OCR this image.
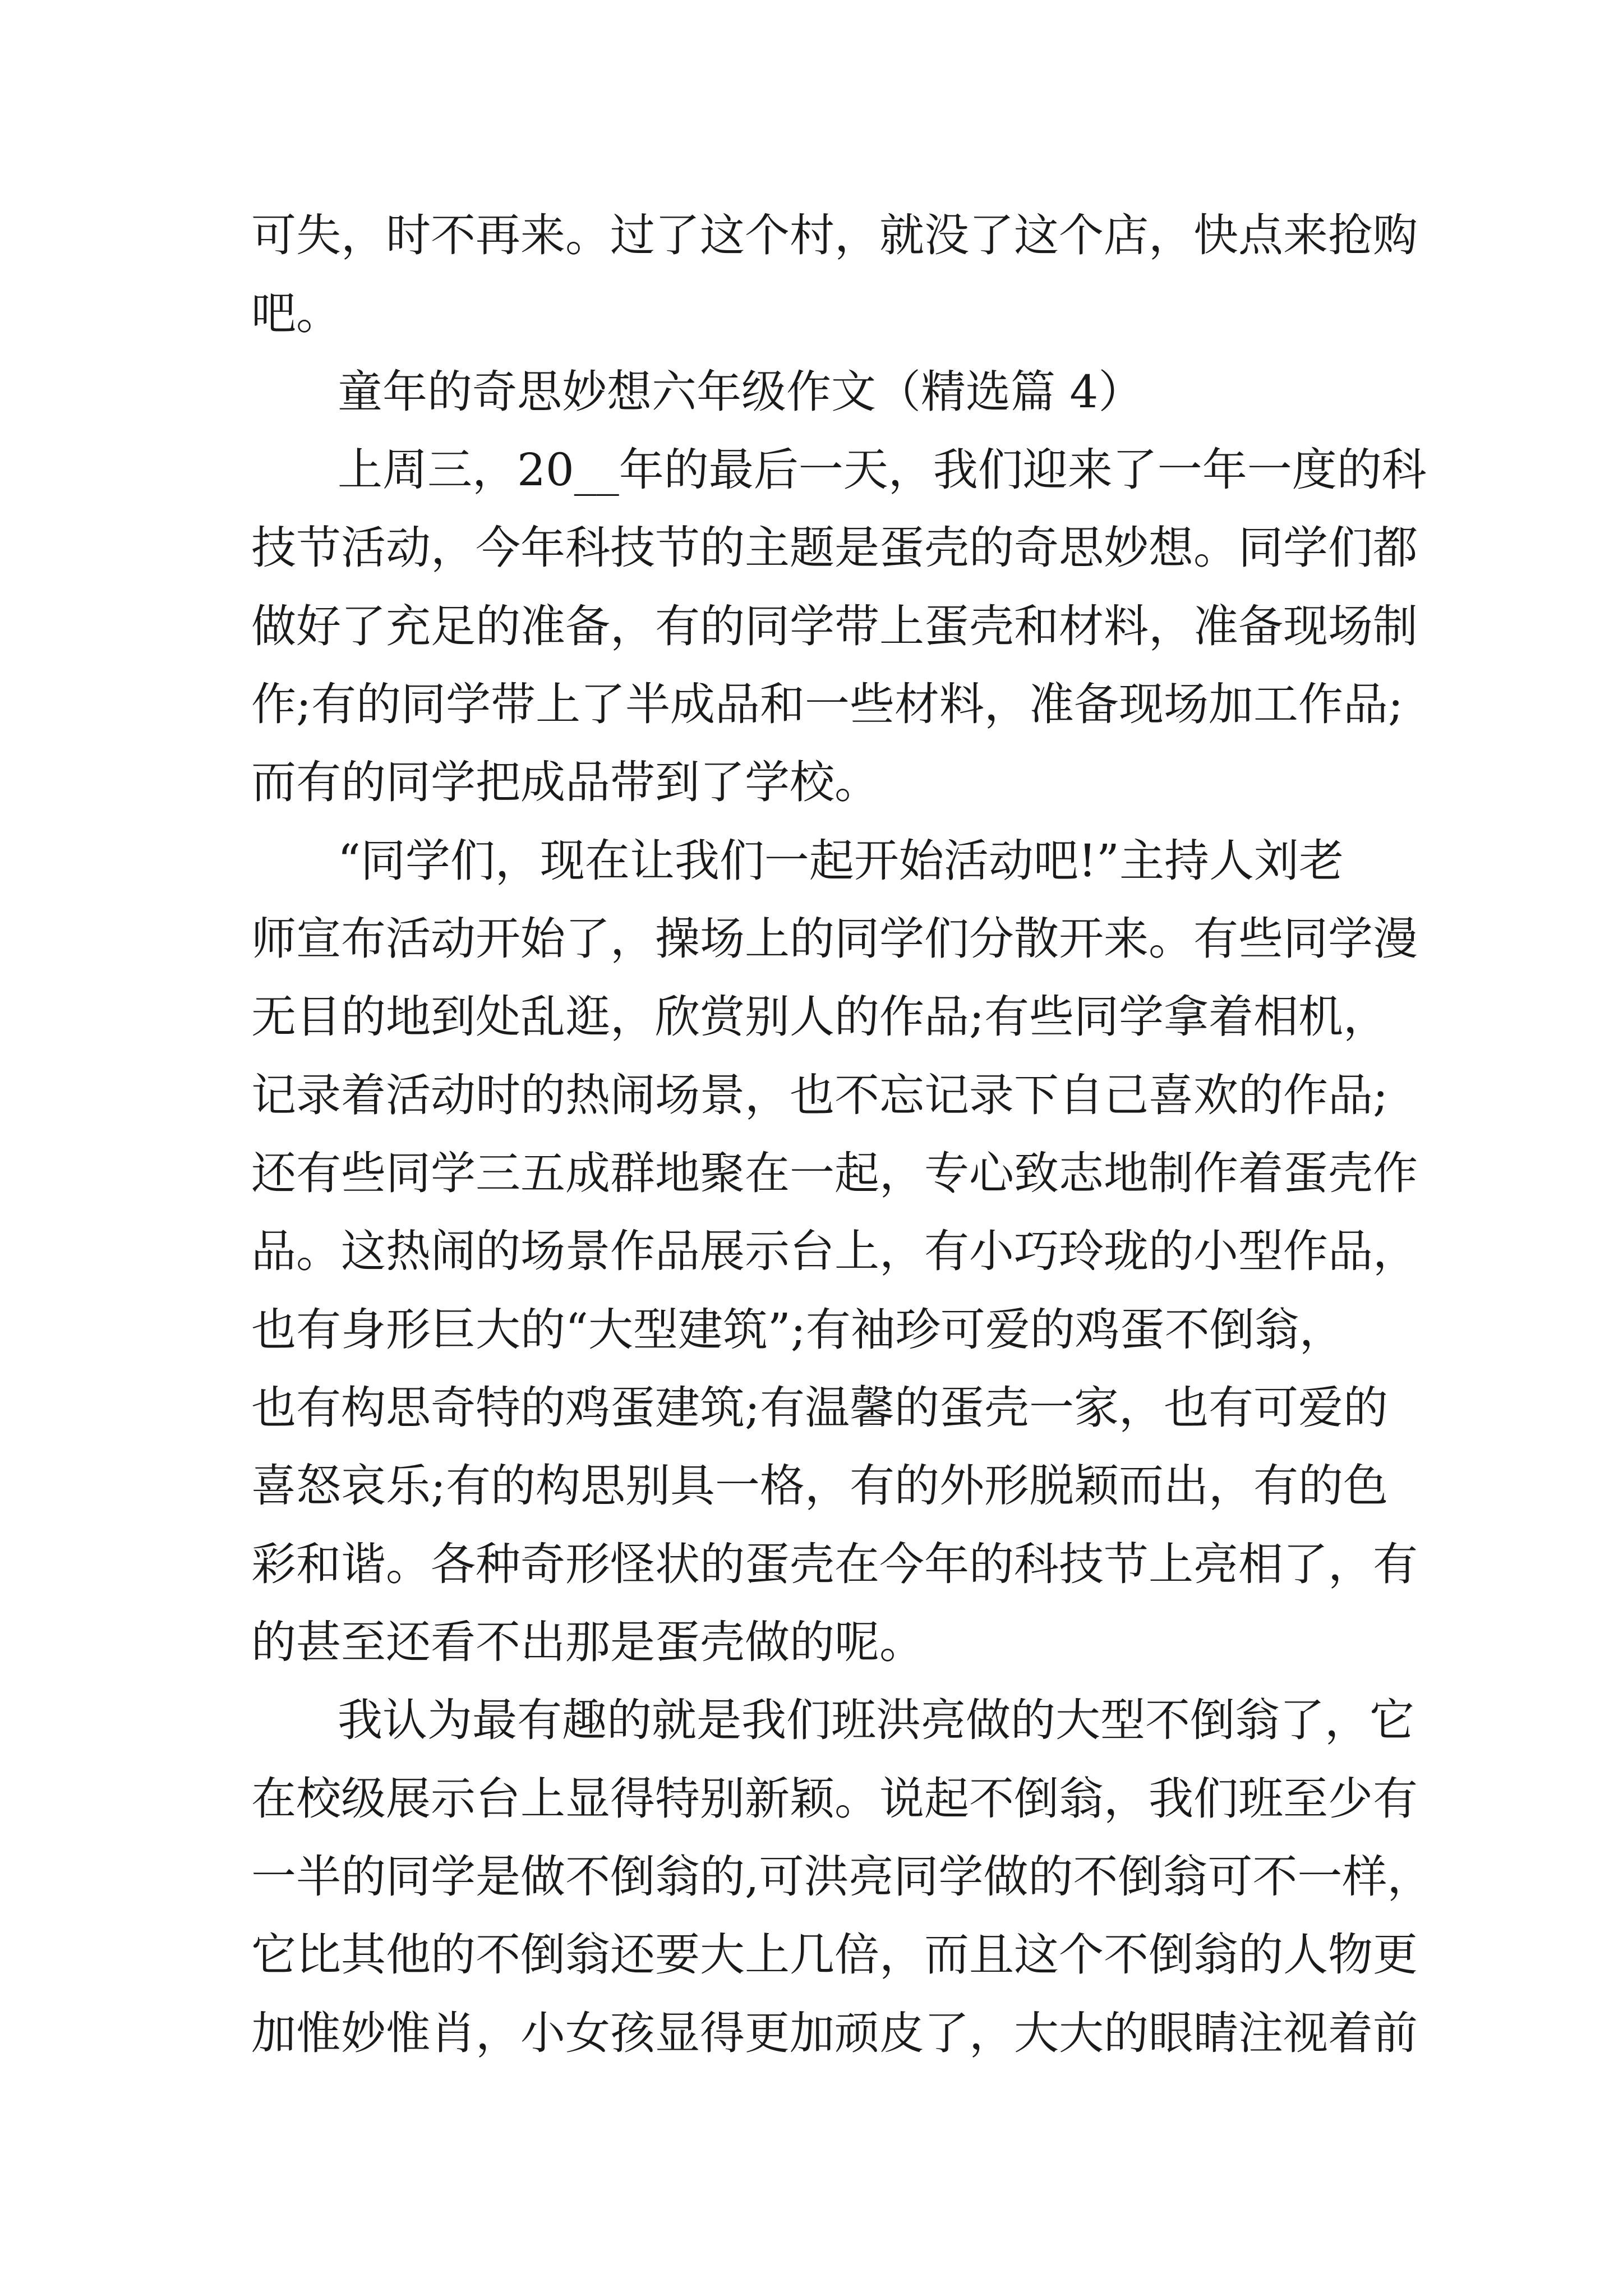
可失，时不再来。过了这个村，就没了这个店，快点来抢购

吧。

童年的奇思妙想六年级作文（精选篇 4）

上周三，20__年的最后一天，我们迎来了一年一度的科

技节活动，今年科技节的主题是蛋壳的奇思妙想。同学们都

做好了充足的准备，有的同学带上蛋壳和材料，准备现场制

作;有的同学带上了半成品和一些材料，准备现场加工作品;

而有的同学把成品带到了学校。

“同学们，现在让我们一起开始活动吧!”主持人刘老

师宣布活动开始了，操场上的同学们分散开来。有些同学漫

无目的地到处乱逛，欣赏别人的作品;有些同学拿着相机，

记录着活动时的热闹场景，也不忘记录下自己喜欢的作品;

还有些同学三五成群地聚在一起，专心致志地制作着蛋壳作

品。这热闹的场景作品展示台上，有小巧玲珑的小型作品，

也有身形巨大的“大型建筑”;有袖珍可爱的鸡蛋不倒翁，

也有构思奇特的鸡蛋建筑;有温馨的蛋壳一家，也有可爱的

喜怒哀乐;有的构思别具一格，有的外形脱颖而出，有的色

彩和谐。各种奇形怪状的蛋壳在今年的科技节上亮相了，有

的甚至还看不出那是蛋壳做的呢。

我认为最有趣的就是我们班洪亮做的大型不倒翁了，它

在校级展示台上显得特别新颖。说起不倒翁，我们班至少有

一半的同学是做不倒翁的,可洪亮同学做的不倒翁可不一样，

它比其他的不倒翁还要大上几倍，而且这个不倒翁的人物更

加惟妙惟肖，小女孩显得更加顽皮了，大大的眼睛注视着前
